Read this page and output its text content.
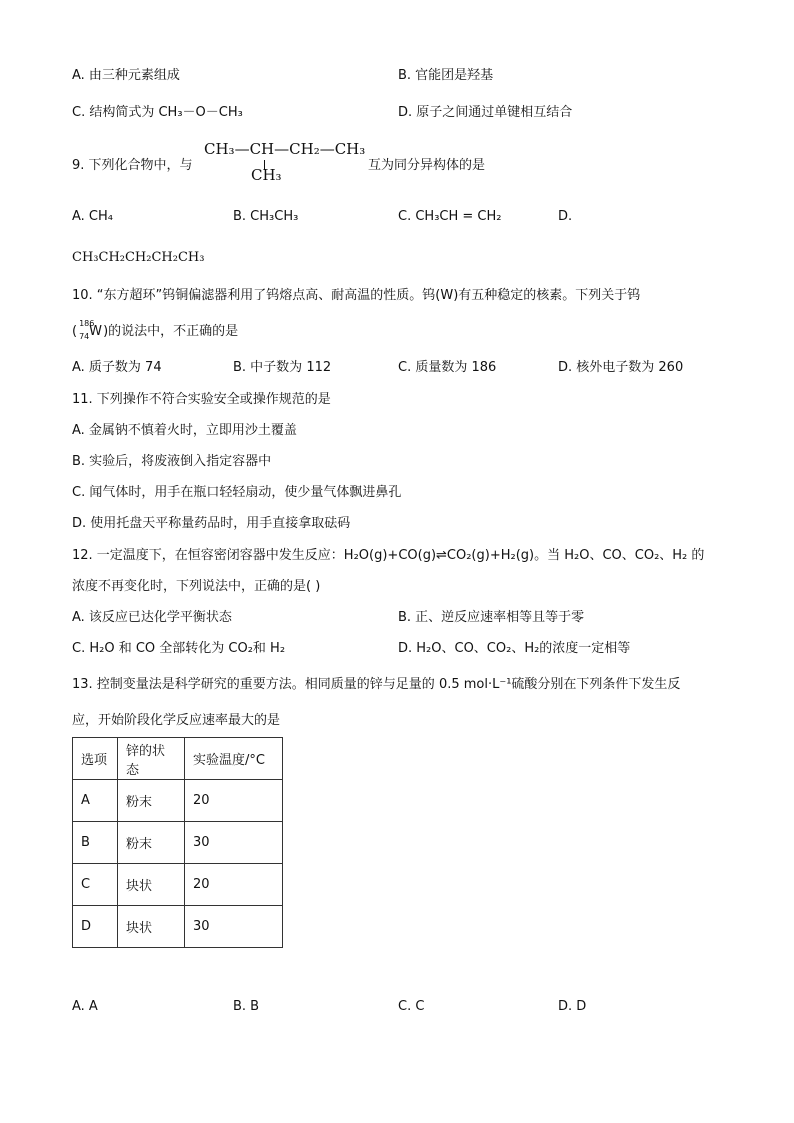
A. 由三种元素组成	B. 官能团是羟基
C. 结构简式为 CH₃－O－CH₃	D. 原子之间通过单键相互结合
9. 下列化合物中，与
CH₃—CH—CH₂—CH₃
CH₃
互为同分异构体的是
A. CH₄	B. CH₃CH₃	C. CH₃CH = CH₂	D.
CH₃CH₂CH₂CH₂CH₃
10. “东方超环”钨铜偏滤器利用了钨熔点高、耐高温的性质。钨(W)有五种稳定的核素。下列关于钨
(
186
74 W )的说法中，不正确的是
A. 质子数为 74	B. 中子数为 112	C. 质量数为 186	D. 核外电子数为 260
11. 下列操作不符合实验安全或操作规范的是
A. 金属钠不慎着火时，立即用沙土覆盖
B. 实验后，将废液倒入指定容器中
C. 闻气体时，用手在瓶口轻轻扇动，使少量气体飘进鼻孔
D. 使用托盘天平称量药品时，用手直接拿取砝码
12. 一定温度下，在恒容密闭容器中发生反应：H₂O(g)+CO(g)⇌CO₂(g)+H₂(g)。当 H₂O、CO、CO₂、H₂ 的
浓度不再变化时，下列说法中，正确的是( )
A. 该反应已达化学平衡状态	B. 正、逆反应速率相等且等于零
C. H₂O 和 CO 全部转化为 CO₂和 H₂	D. H₂O、CO、CO₂、H₂的浓度一定相等
13. 控制变量法是科学研究的重要方法。相同质量的锌与足量的 0.5 mol·L⁻¹硫酸分别在下列条件下发生反
应，开始阶段化学反应速率最大的是
选项	锌的状态	实验温度/°C
A	粉末	20
B	粉末	30
C	块状	20
D	块状	30
A. A	B. B	C. C	D. D
